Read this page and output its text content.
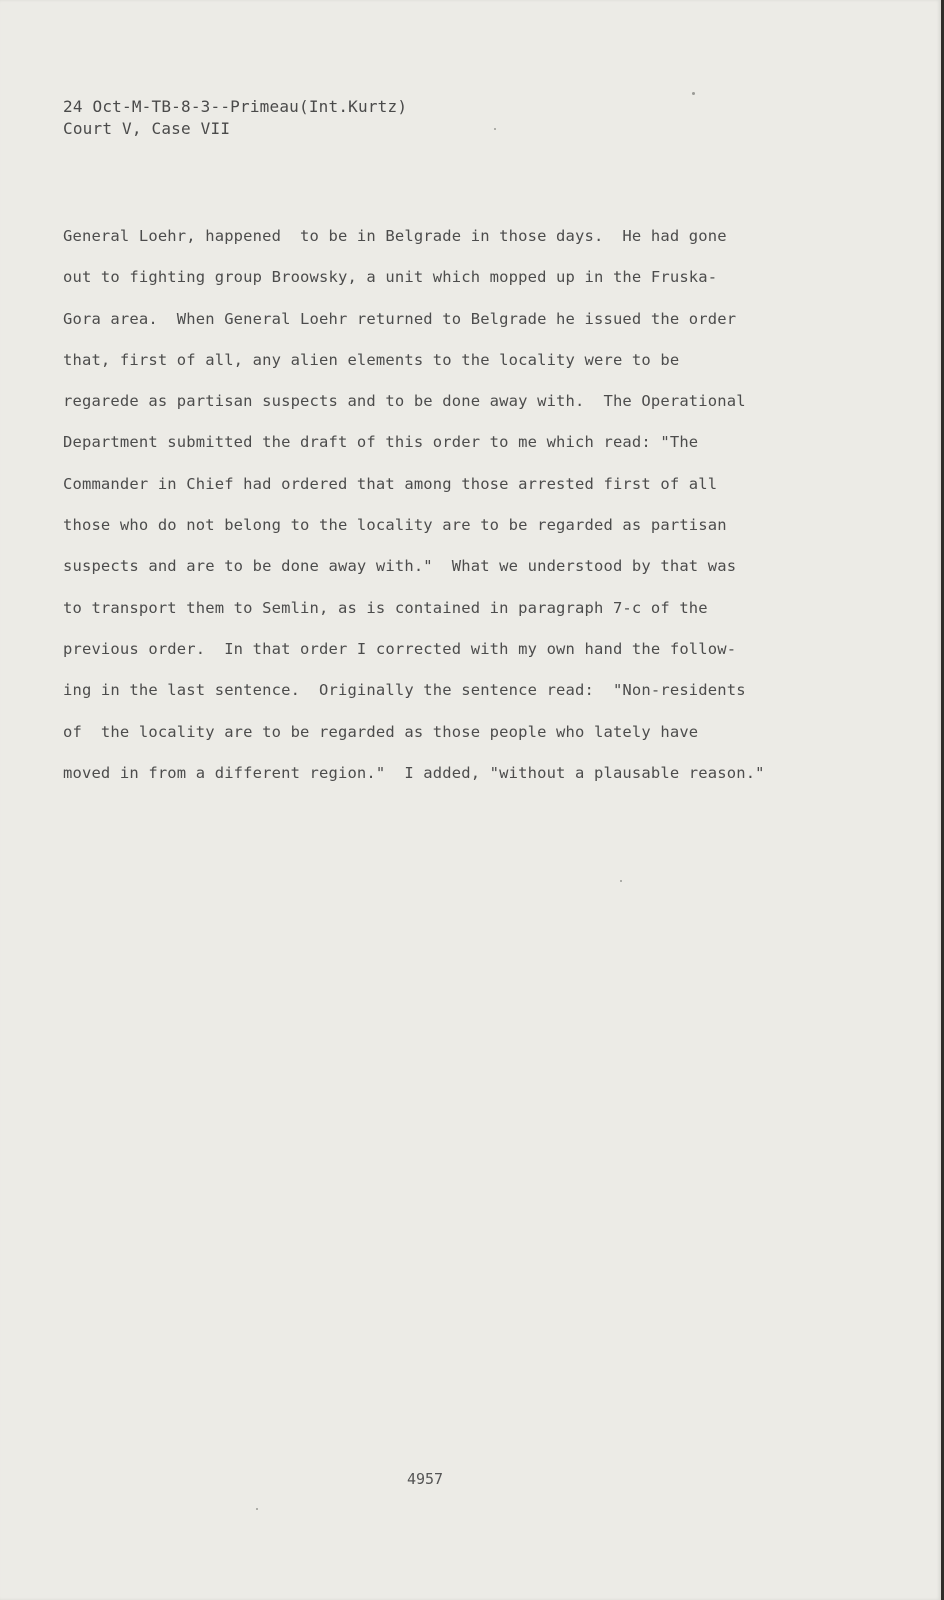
24 Oct-M-TB-8-3--Primeau(Int.Kurtz)
Court V, Case VII
General Loehr, happened  to be in Belgrade in those days.  He had gone
out to fighting group Broowsky, a unit which mopped up in the Fruska-
Gora area.  When General Loehr returned to Belgrade he issued the order
that, first of all, any alien elements to the locality were to be
regarede as partisan suspects and to be done away with.  The Operational
Department submitted the draft of this order to me which read: "The
Commander in Chief had ordered that among those arrested first of all
those who do not belong to the locality are to be regarded as partisan
suspects and are to be done away with."  What we understood by that was
to transport them to Semlin, as is contained in paragraph 7-c of the
previous order.  In that order I corrected with my own hand the follow-
ing in the last sentence.  Originally the sentence read:  "Non-residents
of  the locality are to be regarded as those people who lately have
moved in from a different region."  I added, "without a plausable reason."
4957
